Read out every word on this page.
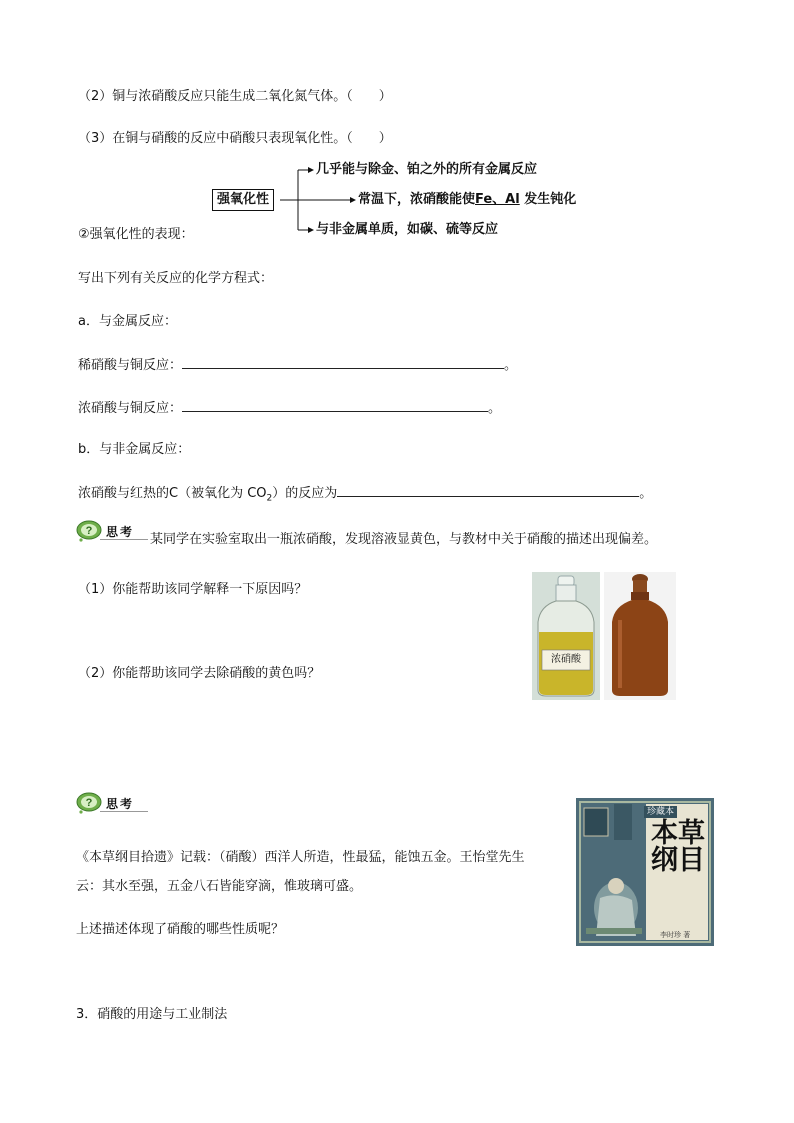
（2）铜与浓硝酸反应只能生成二氧化氮气体。（　　）
（3）在铜与硝酸的反应中硝酸只表现氧化性。（　　）
强氧化性
几乎能与除金、铂之外的所有金属反应
常温下，浓硝酸能使Fe、Al 发生钝化
与非金属单质，如碳、硫等反应
②强氧化性的表现：
写出下列有关反应的化学方程式：
a．与金属反应：
稀硝酸与铜反应：	。
浓硝酸与铜反应：	。
b．与非金属反应：
浓硝酸与红热的C（被氧化为 $CO_2$）的反应为	。
? 思考
某同学在实验室取出一瓶浓硝酸，发现溶液显黄色，与教材中关于硝酸的描述出现偏差。
（1）你能帮助该同学解释一下原因吗？
（2）你能帮助该同学去除硝酸的黄色吗？
浓硝酸
? 思考
《本草纲目拾遗》记载：（硝酸）西洋人所造，性最猛，能蚀五金。王怡堂先生
云：其水至强，五金八石皆能穿滴，惟玻璃可盛。
上述描述体现了硝酸的哪些性质呢？
珍藏本
本草纲目
李时珍 著
3．硝酸的用途与工业制法
